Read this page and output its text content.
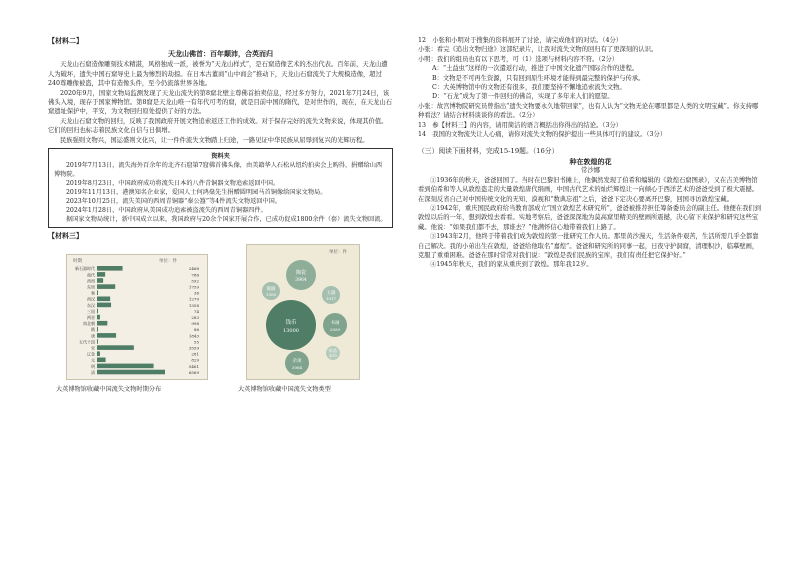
【材料二】

天龙山佛首：百年颠沛，合英而归

天龙山石窟造像雕刻技术精湛，风格独成一派，被誉为“天龙山样式”，是石窟造像艺术的杰出代表。百年前，天龙山遭人为破坏，遗失中国石窟导史上最为惨烈的劫掠。在日本古董商“山中商会”推动下，天龙山石窟流失了大规模造像，超过240尊雕像被盗，其中有造像头件，至今仍流落世界各地。

2020年9月，国家文物局监测发现了天龙山流失的第8窟北壁主尊佛首拍卖信息，经过多方努力，2021年7月24日，该佛头入境，现存于国家博物馆。第8窟是天龙山唯一有年代可考的窟，就是目前中国的隋代，是对世作的，现在，在天龙山石窟遗址保护中，平安，为文物回归原处提供了好的方法。

天龙山石窟文物的回归，反映了我国政府开展文物追索返还工作的成效。对于保存完好的流失文物来说，体现其价值。它们的回归也标志着民族文化自信与日俱增。

民族强则文物兴，国运盛则文化兴，让一件件流失文物踏上归途，一路见证中华民族从屈辱到复兴的光辉历程。

资料夹

2019年7月13日，流失海外百余年的北齐石窟第7窟佛首佛头像，由美籍华人石松从纽约拍卖会上购得，捐赠给山西博物院。

2019年8月23日，中国政府成功将流失日本的八件青铜器文物追索返回中国。

2019年11月13日，港澳知名企业家，爱国人士何鸿燊先生捐赠圆明园马首铜像给国家文物局。

2023年10月25日，流失美国的西周青铜器“秦公簋”等4件流失文物返回中国。

2024年1月28日，中国政府从美国成功追索被盗流失的西周青铜器四件。

据国家文物局统计，新中国成立以来，我国政府与20余个国家开展合作，已成功促成1800余件（套）流失文物回流。

【材料三】

时期	单位：件
新石器时代	2468
商代	786
西周	592
东周	1759
秦	36
西汉	1270
东汉	1358
三国	74
两晋	283
南北朝	998
隋	86
唐	1843
五代十国	55
宋	3559
辽金	281
元	829
明	5461
清	6569
单位：件
陶瓷
3964
铜器
1300	玉器
1017
钱币
13000
书画
2059
织品
470
杂项
3064
大英博物馆收藏中国流失文物时期分布	大英博物馆收藏中国流失文物类型

12　小张和小明对于搜集的资料展开了讨论，请完成他们的对话。（4分）

小张：看完《追出文物归途》这部纪录片，让我对流失文物的回归有了更深刻的认识。

小明：我们的组员也有以下思考，可（1）选项与材料内容不符。（2分）

A：“土益虫”这样的一次遣返行动，推进了中国文化遗产国际合作的进程。

B：文物是不可再生资源，只有回到原生环境才能得到最完整的保护与传承。

C：大英博物馆中的文物还有很多，我们要坚持不懈地追索流失文物。

D：“石龙”成为了第一件回归的佛首，实现了多年来人们的愿望。

小张：故宫博物院研究员曾指出“遗失文物要永久地带回家”，也有人认为“文物无论在哪里都是人类的文明宝藏”。你支持哪种看法？请结合材料谈谈你的看法。（2分）

13　参【材料三】的内容，请用简洁的语言概括出你得出的结论。（3分）

14　我国的文物流失让人心痛，请你对流失文物的保护提出一些具体可行的建议。（3分）

（三）阅读下面材料，完成15-19题。（16分）

种在敦煌的花

常沙娜

①1936年的秋天，爸爸回国了。当时在巴黎旧书摊上，他偶然发现了伯希和编辑的《敦煌石窟图录》，又在吉美博物馆看到伯希和等人从敦煌盗走的大量敦煌唐代绢画，中国古代艺术的灿烂辉煌让一向倾心于西洋艺术的爸爸受到了极大震撼。在深刻反省自己对中国传统文化的无知、漠视和“数典忘祖”之后，爸爸下定决心要离开巴黎，回国寻访敦煌宝藏。

②1942年，重庆国民政府给当教育部成立“国立敦煌艺术研究所”，爸爸被推荐担任筹备委员会的副主任。他便在我们到敦煌以后的一年，想到敦煌去看看。实地考察后，爸爸深深地为莫高窟里精美的壁画所震撼，决心留下来保护和研究这些宝藏。他说：“如果我们都不去，那谁去？”他满怀信心地带着我们上路了。

③1943年2月，他终于带着我们成为敦煌的第一批研究工作人员。那里黄沙漫天，生活条件艰苦，生活所需几乎全都靠自己解决。我的小弟出生在敦煌，爸爸给他取名“嘉煌”。爸爸和研究所的同事一起，日夜守护洞窟，清理积沙，临摹壁画，克服了重重困难。爸爸在那时常常对我们说：“敦煌是我们民族的宝库，我们有责任把它保护好。”

④1945年秋天，我们的家从重庆到了敦煌。那年我12岁。
